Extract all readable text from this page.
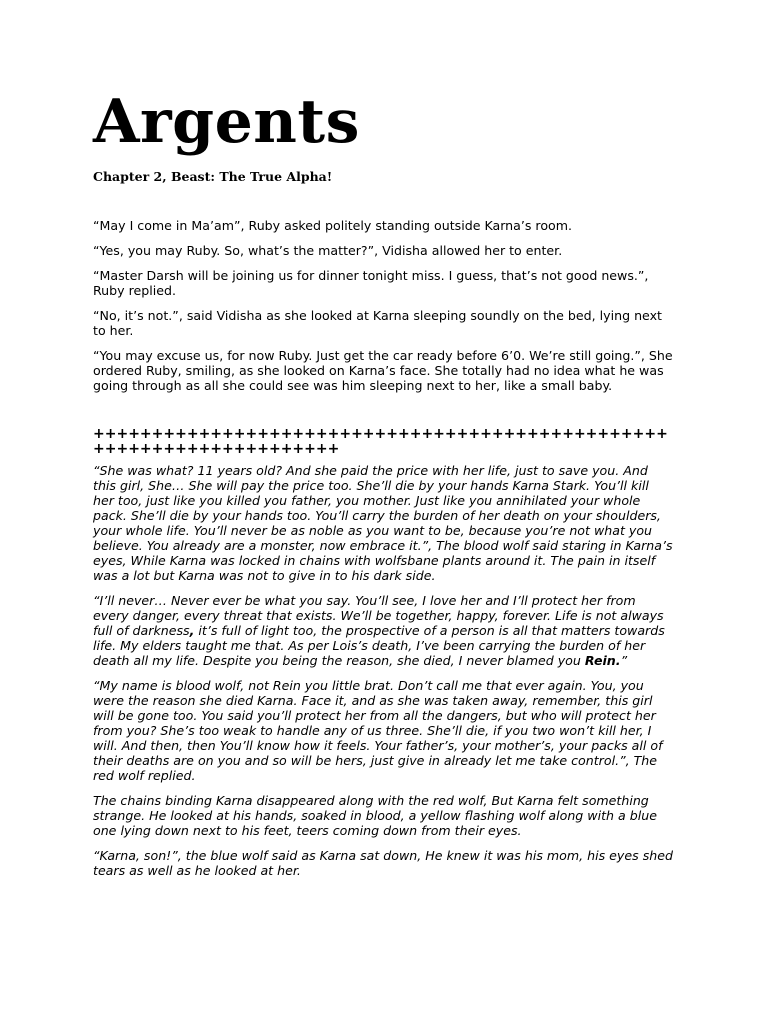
Argents
Chapter 2, Beast: The True Alpha!

“May I come in Ma’am”, Ruby asked politely standing outside Karna’s room.

“Yes, you may Ruby. So, what’s the matter?”, Vidisha allowed her to enter.

“Master Darsh will be joining us for dinner tonight miss. I guess, that’s not good news.”, Ruby replied.

“No, it’s not.”, said Vidisha as she looked at Karna sleeping soundly on the bed, lying next to her.

“You may excuse us, for now Ruby. Just get the car ready before 6’0. We’re still going.”, She ordered Ruby, smiling, as she looked on Karna’s face. She totally had no idea what he was going through as all she could see was him sleeping next to her, like a small baby.

++++++++++++++++++++++++++++++++++++++++++++++++++++++++++++++++++++++

“She was what? 11 years old? And she paid the price with her life, just to save you. And this girl, She… She will pay the price too. She’ll die by your hands Karna Stark. You’ll kill her too, just like you killed you father, you mother. Just like you annihilated your whole pack. She’ll die by your hands too. You’ll carry the burden of her death on your shoulders, your whole life. You’ll never be as noble as you want to be, because you’re not what you believe. You already are a monster, now embrace it.”, The blood wolf said staring in Karna’s eyes, While Karna was locked in chains with wolfsbane plants around it. The pain in itself was a lot but Karna was not to give in to his dark side.

“I’ll never… Never ever be what you say. You’ll see, I love her and I’ll protect her from every danger, every threat that exists. We’ll be together, happy, forever. Life is not always full of darkness, it’s full of light too, the prospective of a person is all that matters towards life. My elders taught me that. As per Lois’s death, I’ve been carrying the burden of her death all my life. Despite you being the reason, she died, I never blamed you Rein.”

“My name is blood wolf, not Rein you little brat. Don’t call me that ever again. You, you were the reason she died Karna. Face it, and as she was taken away, remember, this girl will be gone too. You said you’ll protect her from all the dangers, but who will protect her from you? She’s too weak to handle any of us three. She’ll die, if you two won’t kill her, I will. And then, then You’ll know how it feels. Your father’s, your mother’s, your packs all of their deaths are on you and so will be hers, just give in already let me take control.”, The red wolf replied.

The chains binding Karna disappeared along with the red wolf, But Karna felt something strange. He looked at his hands, soaked in blood, a yellow flashing wolf along with a blue one lying down next to his feet, teers coming down from their eyes.

“Karna, son!”, the blue wolf said as Karna sat down, He knew it was his mom, his eyes shed tears as well as he looked at her.
